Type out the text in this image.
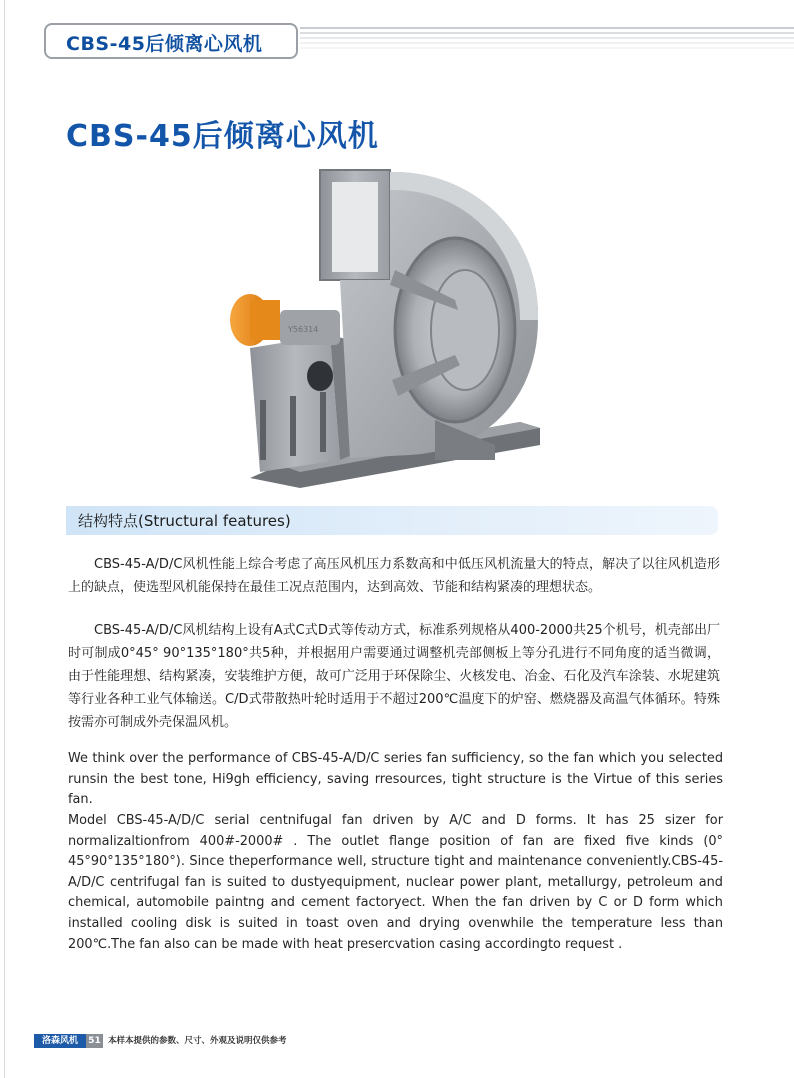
CBS-45后倾离心风机
CBS-45后倾离心风机
Y56314
结构特点(Structural features)

CBS-45-A/D/C风机性能上综合考虑了高压风机压力系数高和中低压风机流量大的特点，解决了以往风机造形上的缺点，使选型风机能保持在最佳工况点范围内，达到高效、节能和结构紧凑的理想状态。

CBS-45-A/D/C风机结构上设有A式C式D式等传动方式，标准系列规格从400-2000共25个机号，机壳部出厂时可制成0°45° 90°135°180°共5种，并根据用户需要通过调整机壳部侧板上等分孔进行不同角度的适当微调，由于性能理想、结构紧凑，安装维护方便，故可广泛用于环保除尘、火核发电、冶金、石化及汽车涂装、水坭建筑等行业各种工业气体输送。C/D式带散热叶轮时适用于不超过200℃温度下的炉窑、燃烧器及高温气体循环。特殊按需亦可制成外壳保温风机。

We think over the performance of CBS-45-A/D/C series fan sufficiency, so the fan which you selected runsin the best tone, Hi9gh efficiency, saving rresources, tight structure is the Virtue of this series fan.

Model CBS-45-A/D/C serial centnifugal fan driven by A/C and D forms. It has 25 sizer for normalizaltionfrom 400#-2000# . The outlet flange position of fan are fixed five kinds (0° 45°90°135°180°). Since theperformance well, structure tight and maintenance conveniently.CBS-45-A/D/C centrifugal fan is suited to dustyequipment, nuclear power plant, metallurgy, petroleum and chemical, automobile paintng and cement factoryect. When the fan driven by C or D form which installed cooling disk is suited in toast oven and drying ovenwhile the temperature less than 200℃.The fan also can be made with heat presercvation casing accordingto request .

洛森风机	51 本样本提供的参数、尺寸、外观及说明仅供参考
